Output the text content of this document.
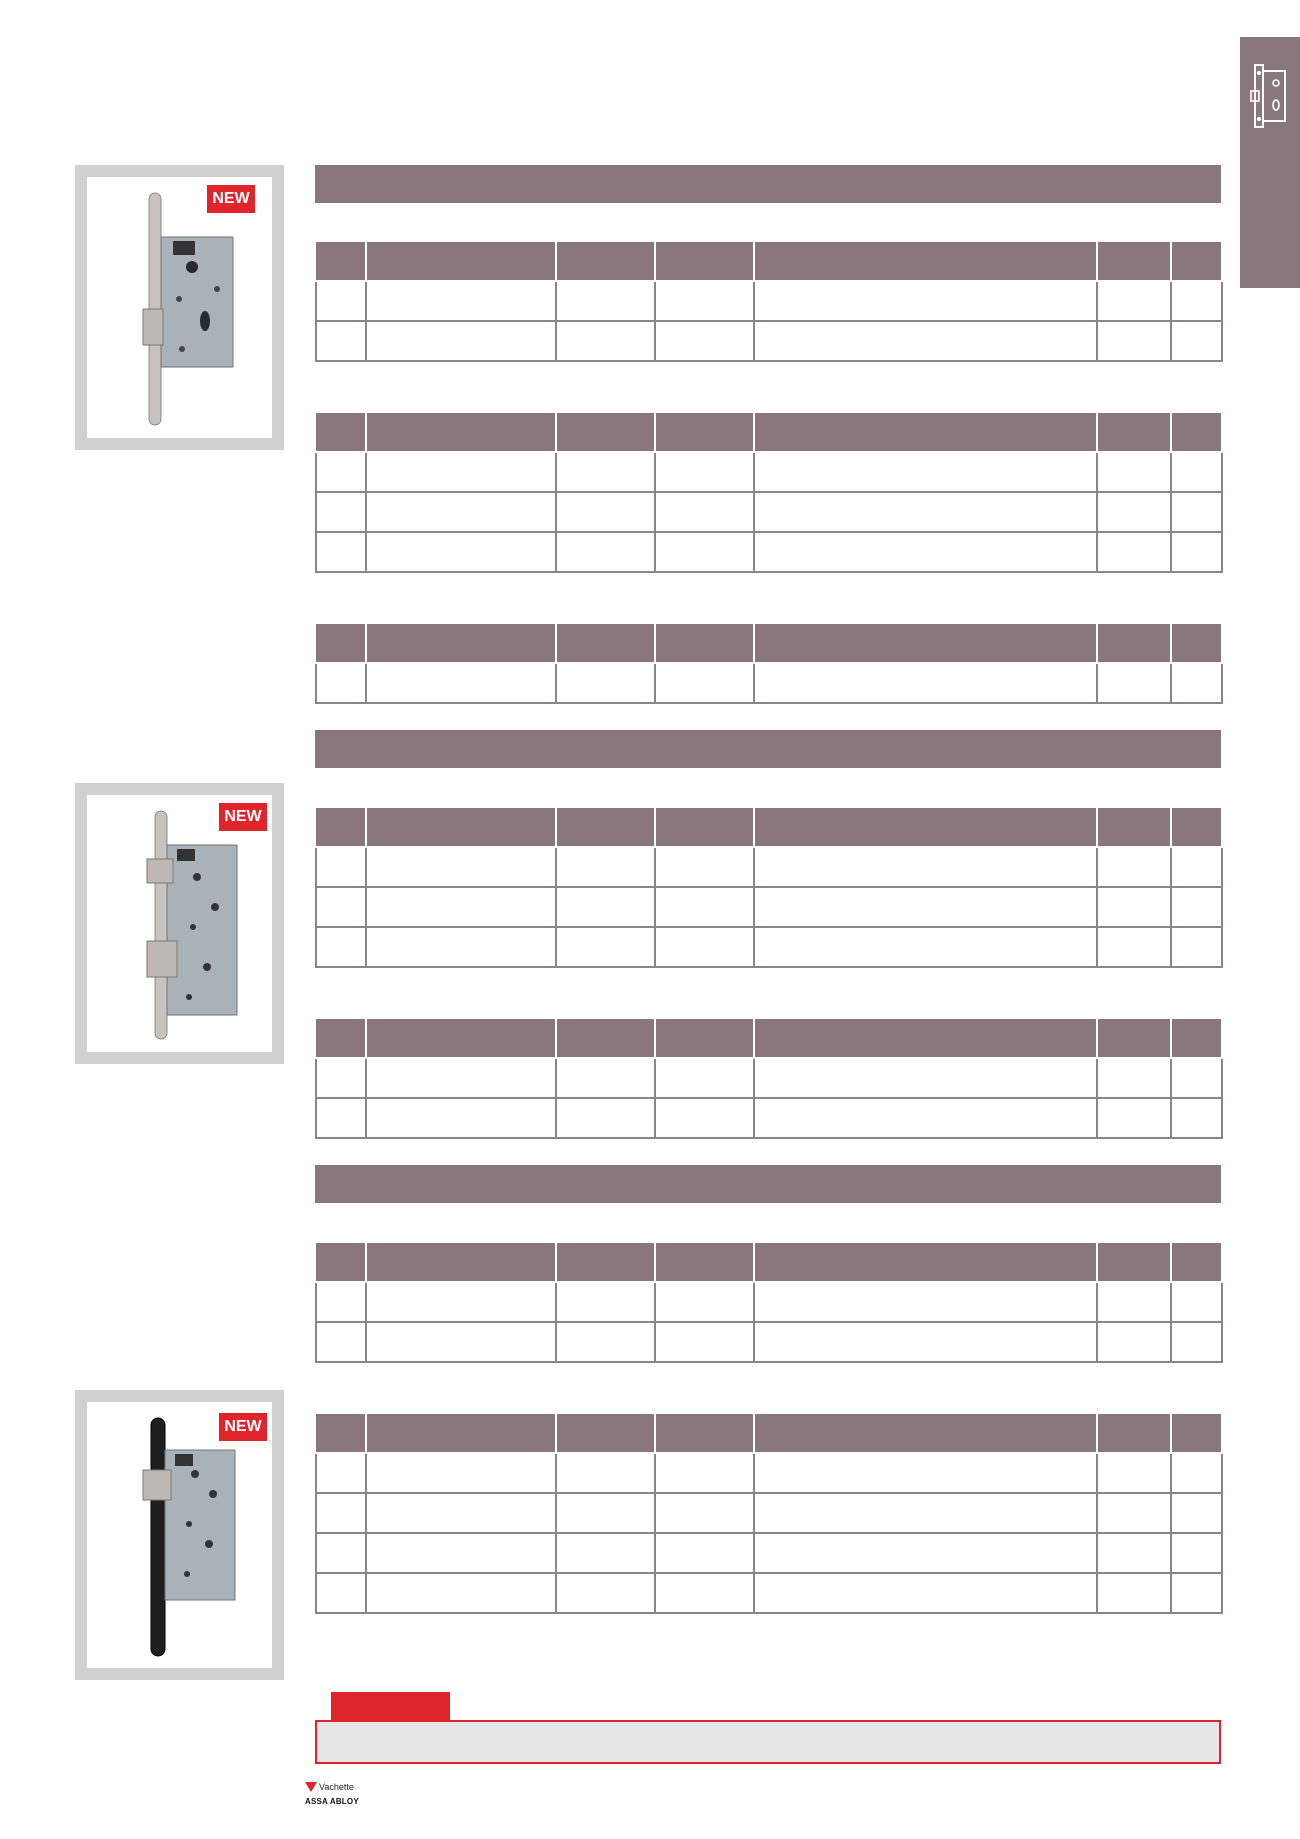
NEW
NEW
NEW

Vachette
ASSA ABLOY
